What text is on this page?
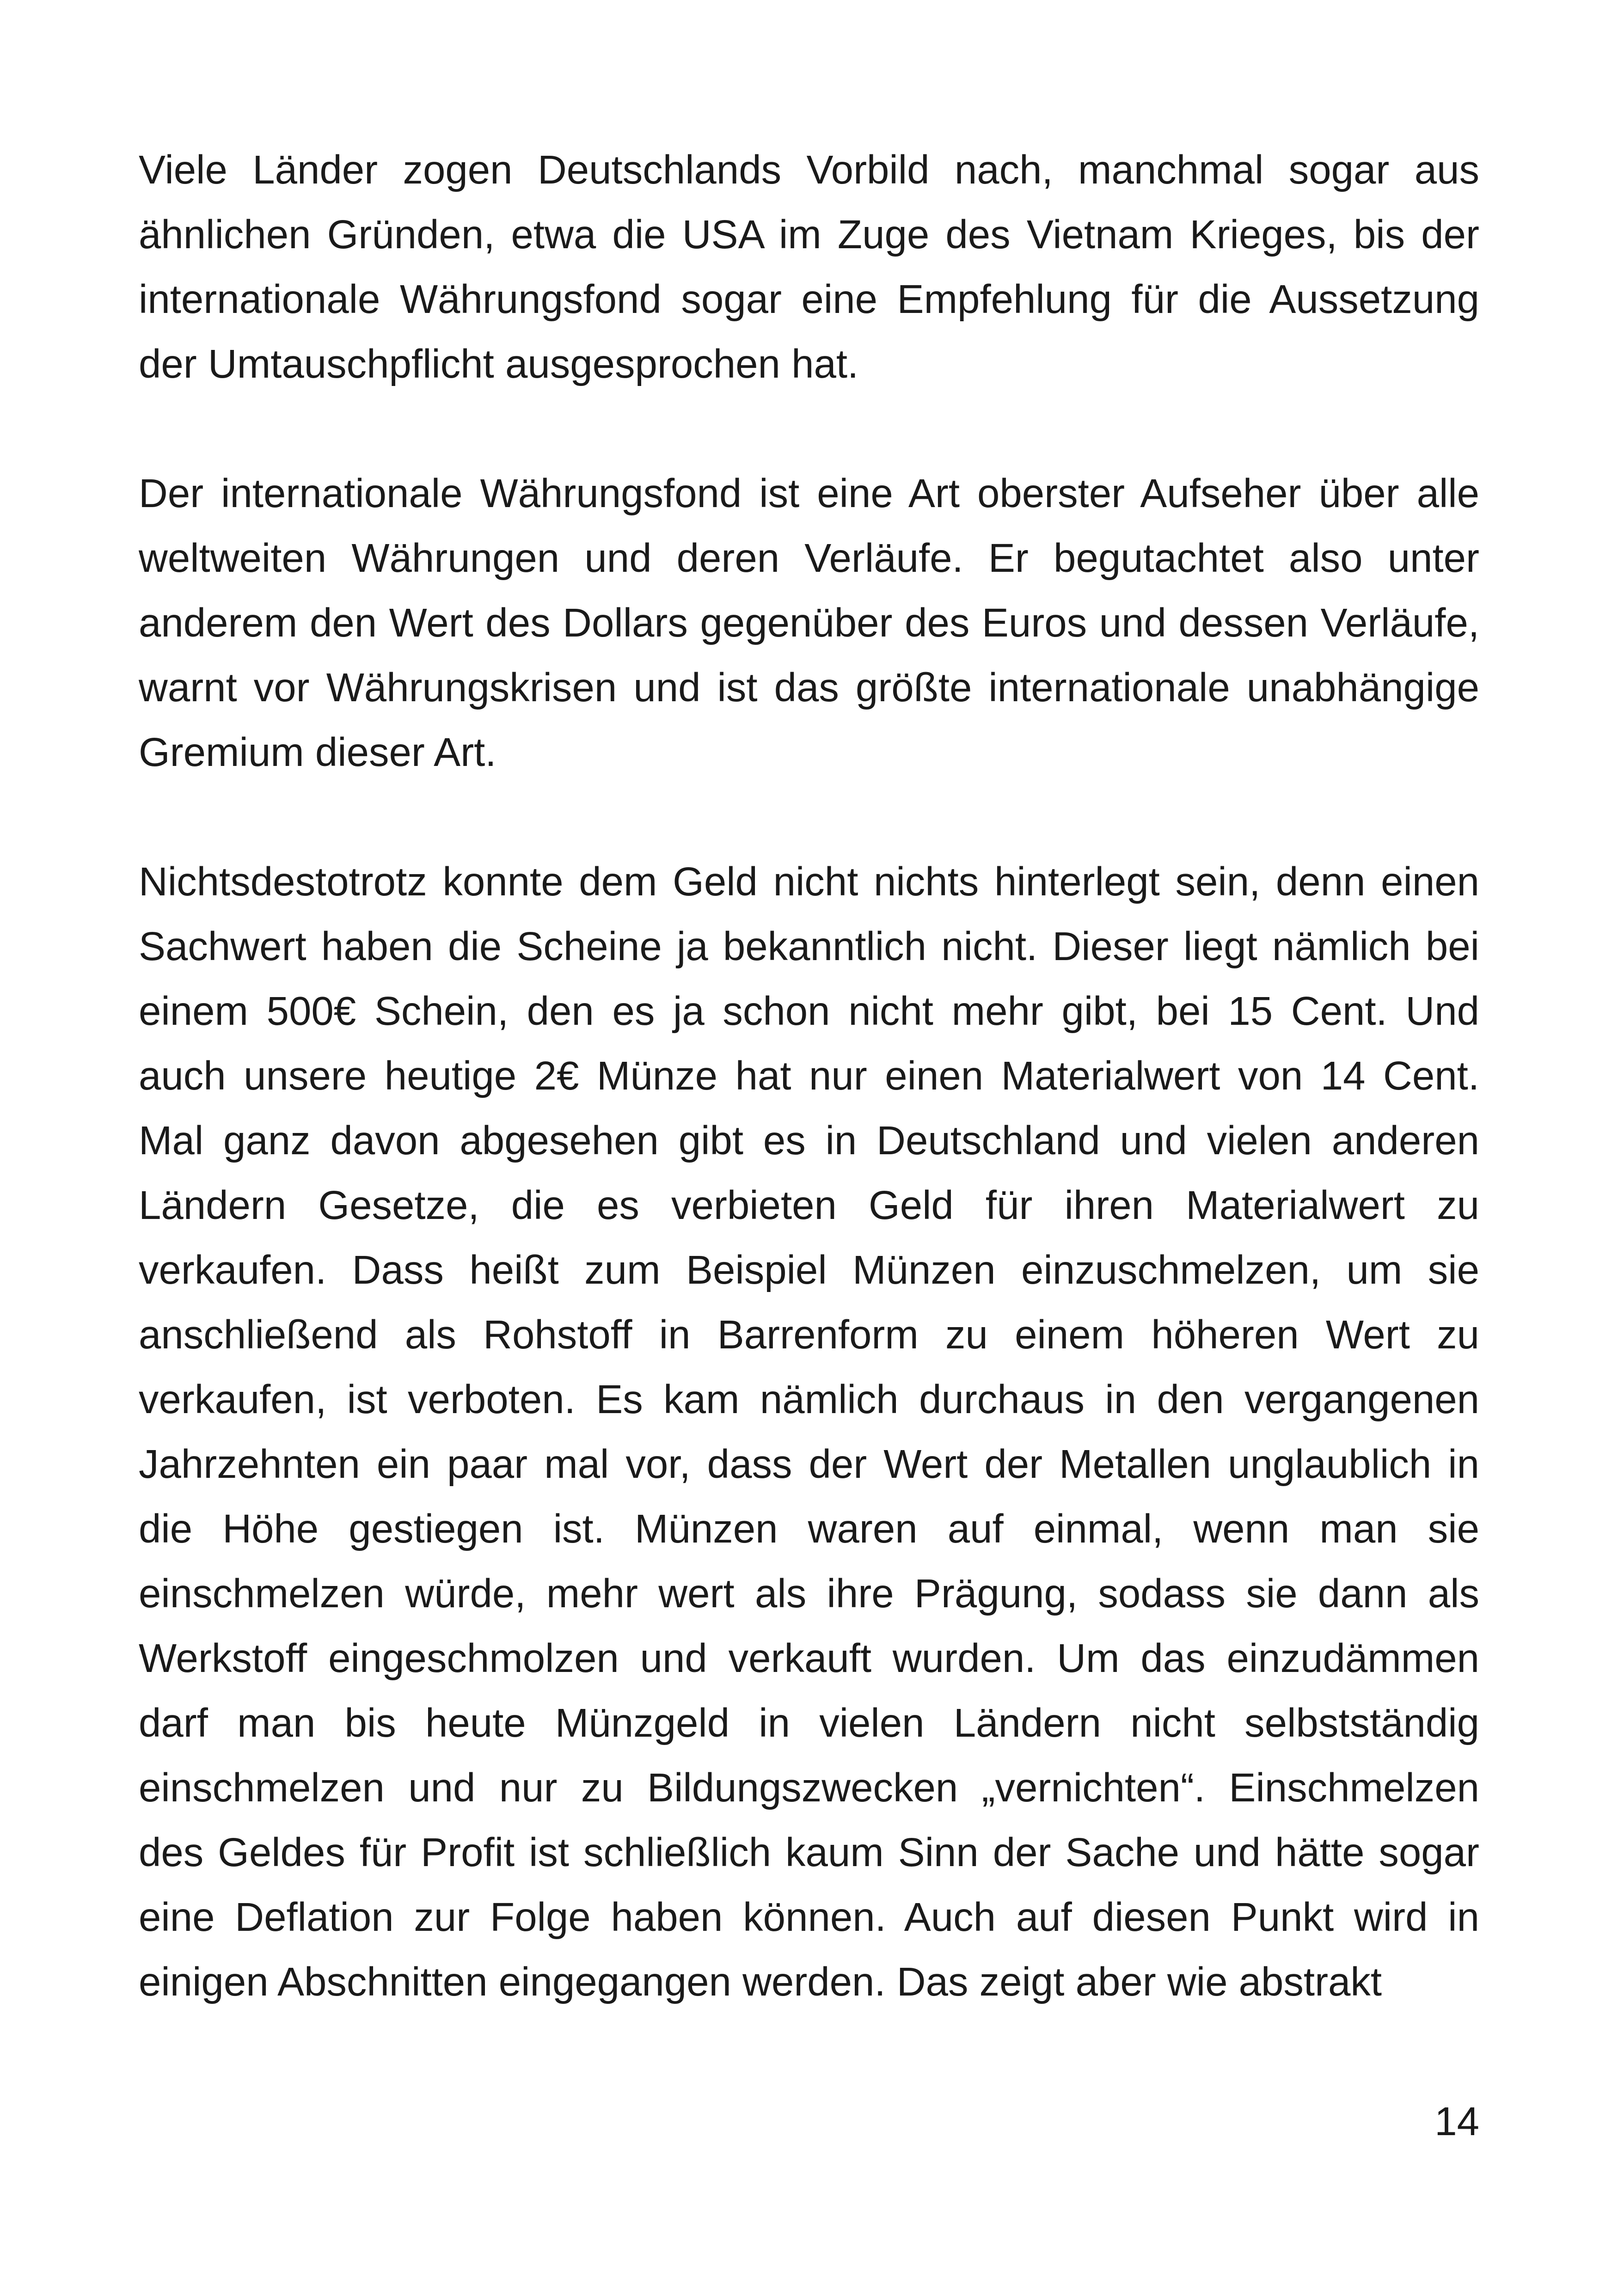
Viele Länder zogen Deutschlands Vorbild nach, manchmal sogar aus ähnlichen Gründen, etwa die USA im Zuge des Vietnam Krieges, bis der internationale Währungsfond sogar eine Empfehlung für die Aussetzung der Umtauschpflicht ausgesprochen hat.

Der internationale Währungsfond ist eine Art oberster Aufseher über alle weltweiten Währungen und deren Verläufe. Er begutachtet also unter anderem den Wert des Dollars gegenüber des Euros und dessen Verläufe, warnt vor Währungskrisen und ist das größte internationale unabhängige Gremium dieser Art.

Nichtsdestotrotz konnte dem Geld nicht nichts hinterlegt sein, denn einen Sachwert haben die Scheine ja bekanntlich nicht. Dieser liegt nämlich bei einem 500€ Schein, den es ja schon nicht mehr gibt, bei 15 Cent. Und auch unsere heutige 2€ Münze hat nur einen Materialwert von 14 Cent. Mal ganz davon abgesehen gibt es in Deutschland und vielen anderen Ländern Gesetze, die es verbieten Geld für ihren Materialwert zu verkaufen. Dass heißt zum Beispiel Münzen einzuschmelzen, um sie anschließend als Rohstoff in Barrenform zu einem höheren Wert zu verkaufen, ist verboten. Es kam nämlich durchaus in den vergangenen Jahrzehnten ein paar mal vor, dass der Wert der Metallen unglaublich in die Höhe gestiegen ist. Münzen waren auf einmal, wenn man sie einschmelzen würde, mehr wert als ihre Prägung, sodass sie dann als Werkstoff eingeschmolzen und verkauft wurden. Um das einzudämmen darf man bis heute Münzgeld in vielen Ländern nicht selbstständig einschmelzen und nur zu Bildungszwecken „vernichten“. Einschmelzen des Geldes für Profit ist schließlich kaum Sinn der Sache und hätte sogar eine Deflation zur Folge haben können. Auch auf diesen Punkt wird in einigen Abschnitten eingegangen werden. Das zeigt aber wie abstrakt

14
